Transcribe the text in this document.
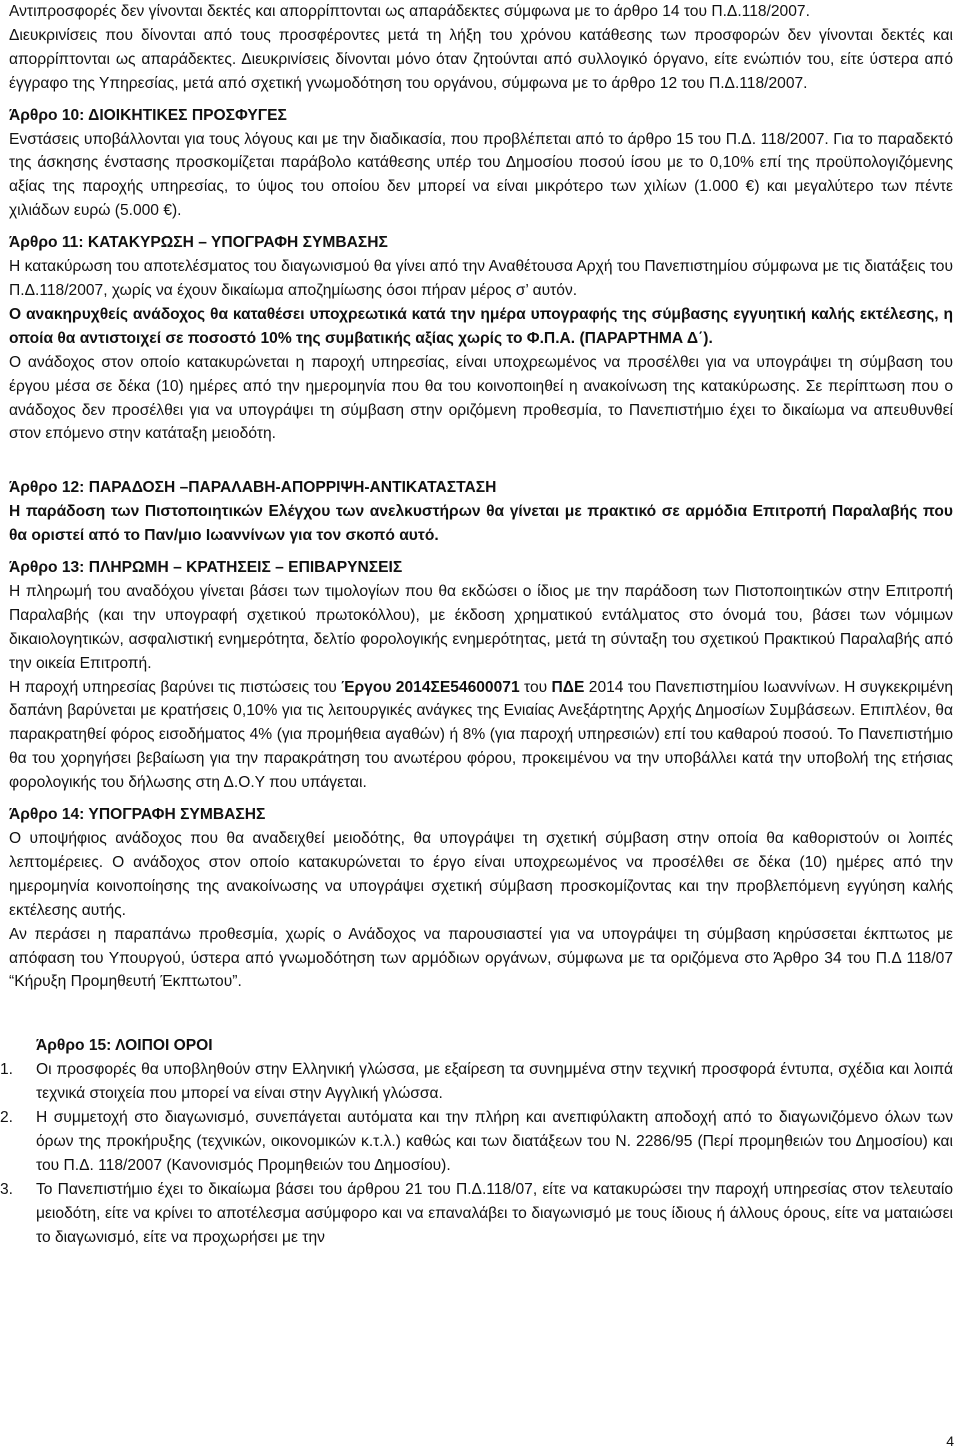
Αντιπροσφορές δεν γίνονται δεκτές και απορρίπτονται ως απαράδεκτες σύμφωνα με το άρθρο 14 του Π.Δ.118/2007.

Διευκρινίσεις που δίνονται από τους προσφέροντες μετά τη λήξη του χρόνου κατάθεσης των προσφορών δεν γίνονται δεκτές και απορρίπτονται ως απαράδεκτες. Διευκρινίσεις δίνονται μόνο όταν ζητούνται από συλλογικό όργανο, είτε ενώπιόν του, είτε ύστερα από έγγραφο της Υπηρεσίας, μετά από σχετική γνωμοδότηση του οργάνου, σύμφωνα με το άρθρο 12 του Π.Δ.118/2007.

Άρθρο 10: ΔΙΟΙΚΗΤΙΚΕΣ ΠΡΟΣΦΥΓΕΣ

Ενστάσεις υποβάλλονται για τους λόγους και με την διαδικασία, που προβλέπεται από το άρθρο 15 του Π.Δ. 118/2007. Για το παραδεκτό της άσκησης ένστασης προσκομίζεται παράβολο κατάθεσης υπέρ του Δημοσίου ποσού ίσου με το 0,10% επί της προϋπολογιζόμενης αξίας της παροχής υπηρεσίας, το ύψος του οποίου δεν μπορεί να είναι μικρότερο των χιλίων (1.000 €) και μεγαλύτερο των πέντε χιλιάδων ευρώ (5.000 €).

Άρθρο 11: ΚΑΤΑΚΥΡΩΣΗ – ΥΠΟΓΡΑΦΗ ΣΥΜΒΑΣΗΣ

Η κατακύρωση του αποτελέσματος του διαγωνισμού θα γίνει από την Αναθέτουσα Αρχή του Πανεπιστημίου σύμφωνα με τις διατάξεις του Π.Δ.118/2007, χωρίς να έχουν δικαίωμα αποζημίωσης όσοι πήραν μέρος σ’ αυτόν.

Ο ανακηρυχθείς ανάδοχος θα καταθέσει υποχρεωτικά κατά την ημέρα υπογραφής της σύμβασης εγγυητική καλής εκτέλεσης, η οποία θα αντιστοιχεί σε ποσοστό 10% της συμβατικής αξίας χωρίς το Φ.Π.Α. (ΠΑΡΑΡΤΗΜΑ Δ΄).

Ο ανάδοχος στον οποίο κατακυρώνεται η παροχή υπηρεσίας, είναι υποχρεωμένος να προσέλθει για να υπογράψει τη σύμβαση του έργου μέσα σε δέκα (10) ημέρες από την ημερομηνία που θα του κοινοποιηθεί η ανακοίνωση της κατακύρωσης. Σε περίπτωση που ο ανάδοχος δεν προσέλθει για να υπογράψει τη σύμβαση στην οριζόμενη προθεσμία, το Πανεπιστήμιο έχει το δικαίωμα να απευθυνθεί στον επόμενο στην κατάταξη μειοδότη.

Άρθρο 12: ΠΑΡΑΔΟΣΗ –ΠΑΡΑΛΑΒΗ-ΑΠΟΡΡΙΨΗ-ΑΝΤΙΚΑΤΑΣΤΑΣΗ

Η παράδοση των Πιστοποιητικών Ελέγχου των ανελκυστήρων θα γίνεται με πρακτικό σε αρμόδια Επιτροπή Παραλαβής που θα οριστεί από το Παν/μιο Ιωαννίνων για τον σκοπό αυτό.

Άρθρο 13: ΠΛΗΡΩΜΗ – ΚΡΑΤΗΣΕΙΣ – ΕΠΙΒΑΡΥΝΣΕΙΣ

Η πληρωμή του αναδόχου γίνεται βάσει των τιμολογίων που θα εκδώσει ο ίδιος με την παράδοση των Πιστοποιητικών στην Επιτροπή Παραλαβής (και την υπογραφή σχετικού πρωτοκόλλου), με έκδοση χρηματικού εντάλματος στο όνομά του, βάσει των νόμιμων δικαιολογητικών, ασφαλιστική ενημερότητα, δελτίο φορολογικής ενημερότητας, μετά τη σύνταξη του σχετικού Πρακτικού Παραλαβής από την οικεία Επιτροπή.

Η παροχή υπηρεσίας βαρύνει τις πιστώσεις του Έργου 2014ΣΕ54600071 του ΠΔΕ 2014 του Πανεπιστημίου Ιωαννίνων. Η συγκεκριμένη δαπάνη βαρύνεται με κρατήσεις 0,10% για τις λειτουργικές ανάγκες της Ενιαίας Ανεξάρτητης Αρχής Δημοσίων Συμβάσεων. Επιπλέον, θα παρακρατηθεί φόρος εισοδήματος 4% (για προμήθεια αγαθών) ή 8% (για παροχή υπηρεσιών) επί του καθαρού ποσού. Το Πανεπιστήμιο θα του χορηγήσει βεβαίωση για την παρακράτηση του ανωτέρου φόρου, προκειμένου να την υποβάλλει κατά την υποβολή της ετήσιας φορολογικής του δήλωσης στη Δ.Ο.Υ που υπάγεται.

Άρθρο 14: ΥΠΟΓΡΑΦΗ ΣΥΜΒΑΣΗΣ

Ο υποψήφιος ανάδοχος που θα αναδειχθεί μειοδότης, θα υπογράψει τη σχετική σύμβαση στην οποία θα καθοριστούν οι λοιπές λεπτομέρειες. Ο ανάδοχος στον οποίο κατακυρώνεται το έργο είναι υποχρεωμένος να προσέλθει σε δέκα (10) ημέρες από την ημερομηνία κοινοποίησης της ανακοίνωσης να υπογράψει σχετική σύμβαση προσκομίζοντας και την προβλεπόμενη εγγύηση καλής εκτέλεσης αυτής.

Αν περάσει η παραπάνω προθεσμία, χωρίς ο Ανάδοχος να παρουσιαστεί για να υπογράψει τη σύμβαση κηρύσσεται έκπτωτος με απόφαση του Υπουργού, ύστερα από γνωμοδότηση των αρμόδιων οργάνων, σύμφωνα με τα οριζόμενα στο Άρθρο 34 του Π.Δ 118/07 “Κήρυξη Προμηθευτή Έκπτωτου”.

Άρθρο 15: ΛΟΙΠΟΙ ΟΡΟΙ
1.	Οι προσφορές θα υποβληθούν στην Ελληνική γλώσσα, με εξαίρεση τα συνημμένα στην τεχνική προσφορά έντυπα, σχέδια και λοιπά τεχνικά στοιχεία που μπορεί να είναι στην Αγγλική γλώσσα.
2.	Η συμμετοχή στο διαγωνισμό, συνεπάγεται αυτόματα και την πλήρη και ανεπιφύλακτη αποδοχή από το διαγωνιζόμενο όλων των όρων της προκήρυξης (τεχνικών, οικονομικών κ.τ.λ.) καθώς και των διατάξεων του Ν. 2286/95 (Περί προμηθειών του Δημοσίου) και του Π.Δ. 118/2007 (Κανονισμός Προμηθειών του Δημοσίου).
3.	Το Πανεπιστήμιο έχει το δικαίωμα βάσει του άρθρου 21 του Π.Δ.118/07, είτε να κατακυρώσει την παροχή υπηρεσίας στον τελευταίο μειοδότη, είτε να κρίνει το αποτέλεσμα ασύμφορο και να επαναλάβει το διαγωνισμό με τους ίδιους ή άλλους όρους, είτε να ματαιώσει το διαγωνισμό, είτε να προχωρήσει με την
4
